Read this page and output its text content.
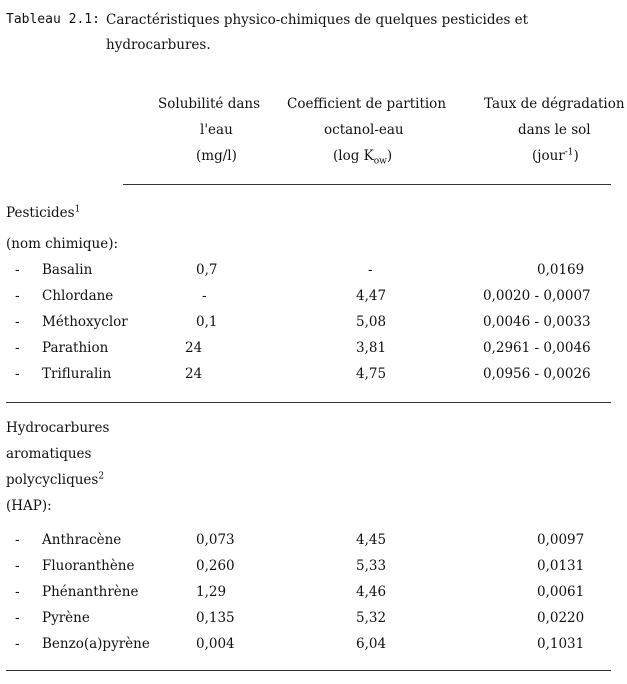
Tableau 2.1: Caractéristiques physico-chimiques de quelques pesticides et
hydrocarbures.
Solubilité dans
l'eau
(mg/l)
Coefficient de partition
octanol-eau
(log $K_{ow}$)
Taux de dégradation
dans le sol
(jour$^{-1}$)
Pesticides$^1$
(nom chimique):
- Basalin	0,7	-	0,0169
- Chlordane	-	4,47	0,0020 - 0,0007
- Méthoxyclor	0,1	5,08	0,0046 - 0,0033
- Parathion	24	3,81	0,2961 - 0,0046
- Trifluralin	24	4,75	0,0956 - 0,0026
Hydrocarbures
aromatiques
polycycliques$^2$
(HAP):
- Anthracène	0,073	4,45	0,0097
- Fluoranthène	0,260	5,33	0,0131
- Phénanthrène	1,29	4,46	0,0061
- Pyrène	0,135	5,32	0,0220
- Benzo(a)pyrène	0,004	6,04	0,1031
